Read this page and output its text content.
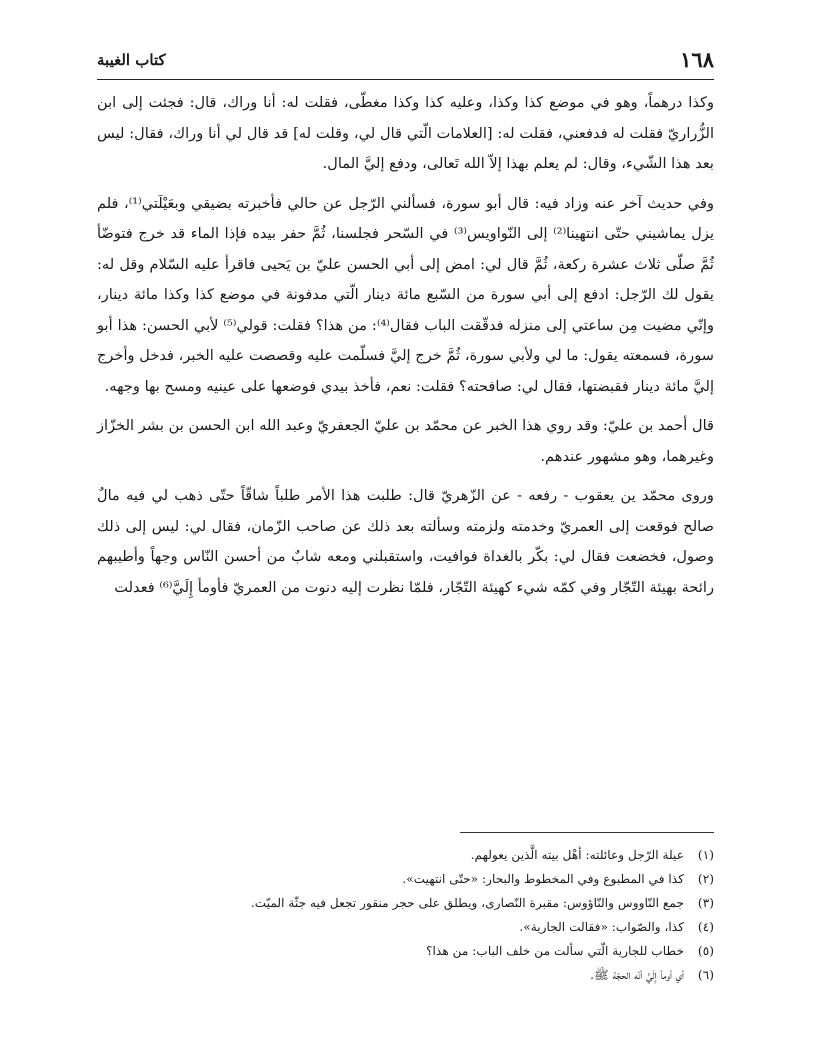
١٦٨
كتاب الغيبة

وكذا درهماً، وهو في موضع كذا وكذا، وعليه كذا وكذا مغطّى، فقلت له: أنا وراك، قال: فجئت إلى ابن الزُّراريّ فقلت له فدفعني، فقلت له: [العلامات الّتي قال لي، وقلت له] قد قال لي أنا وراك، فقال: ليس بعد هذا الشّيء، وقال: لم يعلم بهذا إلاّ الله تَعالى، ودفع إليَّ المال.

وفي حديث آخر عنه وزاد فيه: قال أبو سورة، فسألني الرّجل عن حالي فأخبرته بضيقي وبعَيْلَتي⁽¹⁾، فلم يزل يماشيني حتّى انتهينا⁽²⁾ إلى النّواويس⁽³⁾ في السّحر فجلسنا، ثُمَّ حفر بيده فإذا الماء قد خرج فتوضّأ ثُمَّ صلّى ثلاث عشرة ركعة، ثُمَّ قال لي: امض إلى أبي الحسن عليّ بن يَحيى فاقرأ عليه السّلام وقل له: يقول لك الرّجل: ادفع إلى أبي سورة من السّبع مائة دينار الّتي مدفونة في موضع كذا وكذا مائة دينار، وإنّي مضيت مِن ساعتي إلى منزله فدقّقت الباب فقال⁽⁴⁾: من هذا؟ فقلت: قولي⁽⁵⁾ لأبي الحسن: هذا أبو سورة، فسمعته يقول: ما لي ولأبي سورة، ثُمَّ خرج إليَّ فسلّمت عليه وقصصت عليه الخبر، فدخل وأخرج إليَّ مائة دينار فقبضتها، فقال لي: صافحته؟ فقلت: نعم، فأخذ بيدي فوضعها على عينيه ومسح بها وجهه.

قال أحمد بن عليّ: وقد روي هذا الخبر عن محمّد بن عليّ الجعفريّ وعبد الله ابن الحسن بن بشر الخزّاز وغيرهما، وهو مشهور عندهم.

وروى محمّد ين يعقوب - رفعه - عن الزّهريّ قال: طلبت هذا الأمر طلباً شاقّاً حتّى ذهب لي فيه مالٌ صالح فوقعت إلى العمريّ وخدمته ولزمته وسألته بعد ذلك عن صاحب الزّمان، فقال لي: ليس إلى ذلك وصول، فخضعت فقال لي: بكّر بالغداة فوافيت، واستقبلني ومعه شابٌ من أحسن النّاس وجهاً وأطيبهم رائحة بهيئة التّجّار وفي كمّه شيء كهيئة التّجّار، فلمّا نظرت إليه دنوت من العمريّ فأومأ إِلَيَّ⁽⁶⁾ فعدلت

(١)
عيلة الرّجل وعائلته: أهْل بيته الَّذين يعولهم.
(٢)
كذا في المطبوع وفي المخطوط والبحار: «حتّى انتهيت».
(٣)
جمع النّاووس والنّاؤوس: مقبرة النّصارى، ويطلق على حجر منقور تجعل فيه جثّة الميّت.
(٤)
كذا، والصّواب: «فقالت الجارية».
(٥)
خطاب للجارية الّتي سألت من خلف الباب: من هذا؟
(٦)
أي أومأ إِلَيَّ أنّه الحجّة ﷺ.
